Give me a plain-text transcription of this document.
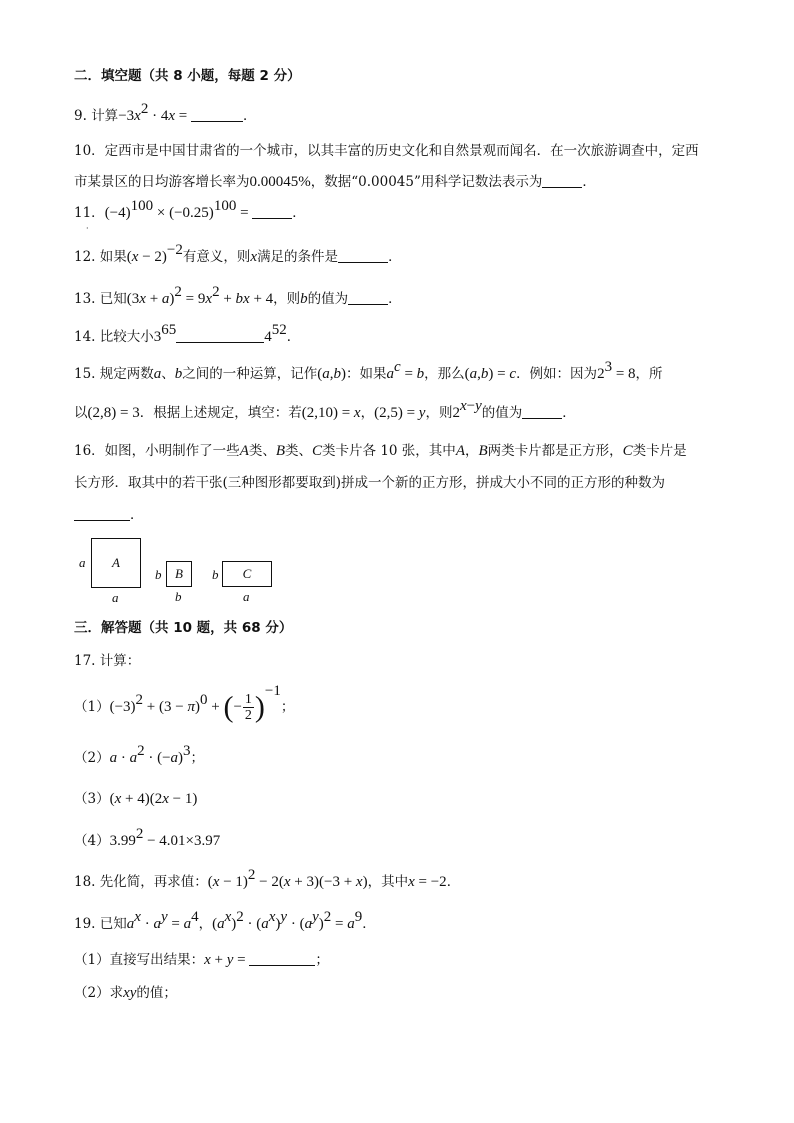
二．填空题（共 8 小题，每题 2 分）
9. 计算$-3x^2 \cdot 4x$ =	．
10．定西市是中国甘肃省的一个城市，以其丰富的历史文化和自然景观而闻名．在一次旅游调查中，定西
市某景区的日均游客增长率为0.00045%，数据“0.00045”用科学记数法表示为	．
11．$(-4)^{100} \times (-0.25)^{100}$ =	．
·
12. 如果$(x - 2)^{-2}$有意义，则x满足的条件是	．
13. 已知$(3x + a)^2 = 9x^2$ + bx + 4，则b的值为	．
14. 比较大小$3^{65}$	$4^{52}$．
15. 规定两数a、b之间的一种运算，记作(a,b)：如果$a^c = b$，那么(a,b) = c．例如：因为$2^3 = 8$，所
以(2,8) = 3．根据上述规定，填空：若(2,10) = x，(2,5) = y，则$2^{x-y}$的值为	．
16．如图，小明制作了一些A类、B类、C类卡片各 10 张，其中A，B两类卡片都是正方形，C类卡片是
长方形．取其中的若干张(三种图形都要取到)拼成一个新的正方形，拼成大小不同的正方形的种数为
．
a A
a
b B
b
b C
a
三．解答题（共 10 题，共 68 分）
17. 计算：
$(1)(-3)^2 + (3 - \pi)^0$ + (− $\frac{1}{2} )^{-1}$；
$(2)a \cdot a^2 \cdot (-a)^3$；
（3）(x + 4)(2x − 1)
$(4)3.99^2 - 4.01\times 3.97$
18. 先化简，再求值：$(x - 1)^2 - 2(x + 3)(-3 + x)$，其中x = −2．
19. 已知$a^x \cdot a^y = a^4$，$(a^x)^2 \cdot (a^x)^y \cdot (a^y)^2 = a^9$．
（1）直接写出结果：x + y =	；
（2）求xy的值；
